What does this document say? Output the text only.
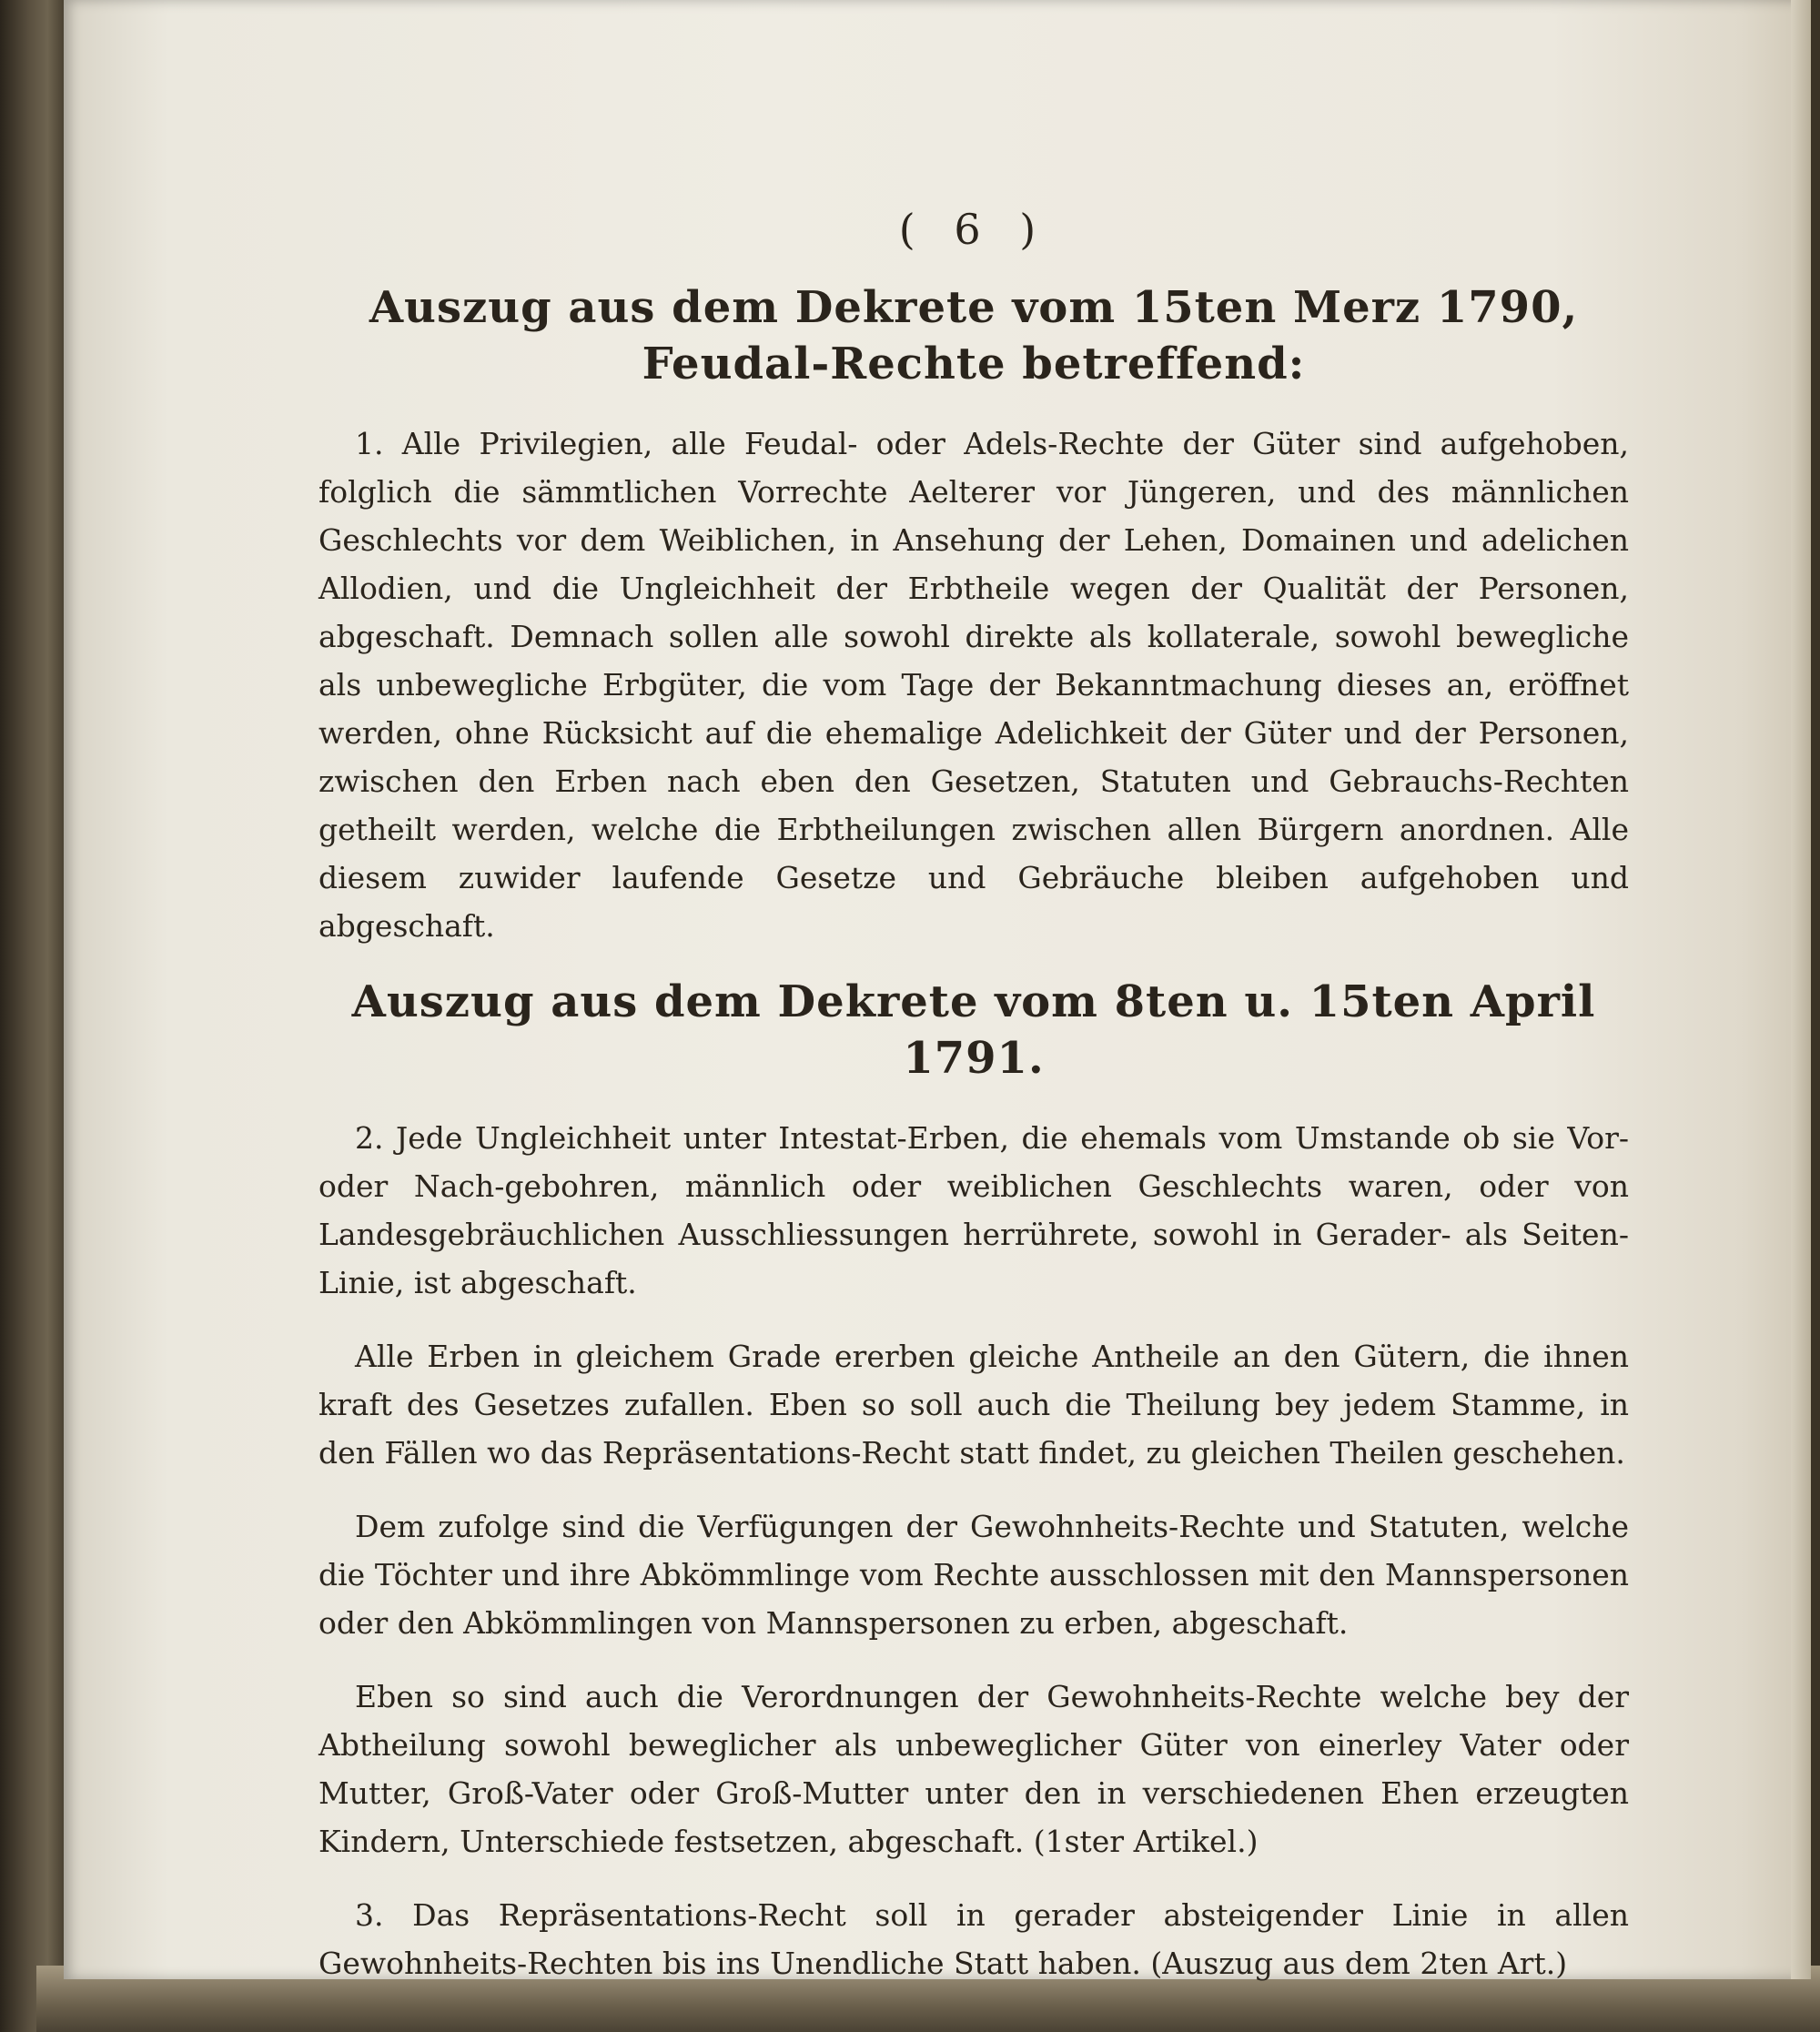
( 6 )
Auszug aus dem Dekrete vom 15ten Merz 1790, Feudal-Rechte betreffend:

1. Alle Privilegien, alle Feudal- oder Adels-Rechte der Güter sind aufgehoben, folglich die sämmtlichen Vorrechte Aelterer vor Jüngeren, und des männlichen Geschlechts vor dem Weiblichen, in Ansehung der Lehen, Domainen und adelichen Allodien, und die Ungleichheit der Erbtheile wegen der Qualität der Personen, abgeschaft. Demnach sollen alle sowohl direkte als kollaterale, sowohl bewegliche als unbewegliche Erbgüter, die vom Tage der Bekanntmachung dieses an, eröffnet werden, ohne Rücksicht auf die ehemalige Adelichkeit der Güter und der Personen, zwischen den Erben nach eben den Gesetzen, Statuten und Gebrauchs-Rechten getheilt werden, welche die Erbtheilungen zwischen allen Bürgern anordnen. Alle diesem zuwider laufende Gesetze und Gebräuche bleiben aufgehoben und abgeschaft.

Auszug aus dem Dekrete vom 8ten u. 15ten April 1791.

2. Jede Ungleichheit unter Intestat-Erben, die ehemals vom Umstande ob sie Vor- oder Nach-gebohren, männlich oder weiblichen Geschlechts waren, oder von Landesgebräuchlichen Ausschliessungen herrührete, sowohl in Gerader- als Seiten-Linie, ist abgeschaft.

Alle Erben in gleichem Grade ererben gleiche Antheile an den Gütern, die ihnen kraft des Gesetzes zufallen. Eben so soll auch die Theilung bey jedem Stamme, in den Fällen wo das Repräsentations-Recht statt findet, zu gleichen Theilen geschehen.

Dem zufolge sind die Verfügungen der Gewohnheits-Rechte und Statuten, welche die Töchter und ihre Abkömmlinge vom Rechte ausschlossen mit den Mannspersonen oder den Abkömmlingen von Mannspersonen zu erben, abgeschaft.

Eben so sind auch die Verordnungen der Gewohnheits-Rechte welche bey der Abtheilung sowohl beweglicher als unbeweglicher Güter von einerley Vater oder Mutter, Groß-Vater oder Groß-Mutter unter den in verschiedenen Ehen erzeugten Kindern, Unterschiede festsetzen, abgeschaft. (1ster Artikel.)

3. Das Repräsentations-Recht soll in gerader absteigender Linie in allen Gewohnheits-Rechten bis ins Unendliche Statt haben. (Auszug aus dem 2ten Art.)
